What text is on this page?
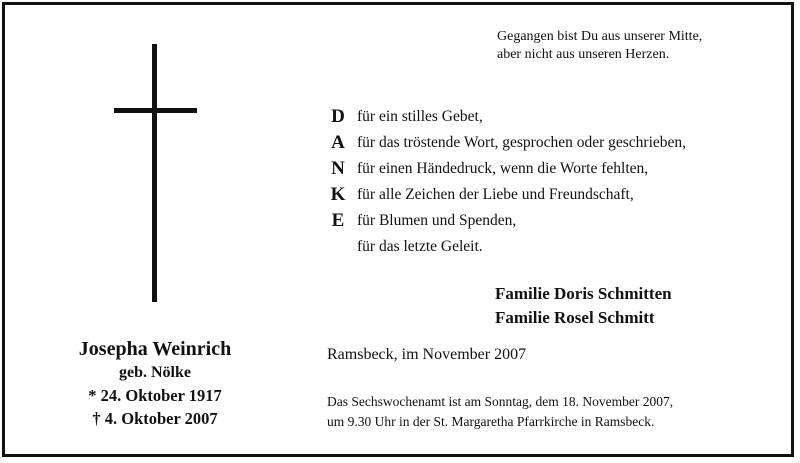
Gegangen bist Du aus unserer Mitte,
aber nicht aus unseren Herzen.
D
A
N
K
E
für ein stilles Gebet,
für das tröstende Wort, gesprochen oder geschrieben,
für einen Händedruck, wenn die Worte fehlten,
für alle Zeichen der Liebe und Freundschaft,
für Blumen und Spenden,
für das letzte Geleit.
Familie Doris Schmitten
Familie Rosel Schmitt
Josepha Weinrich
geb. Nölke
* 24. Oktober 1917
† 4. Oktober 2007
Ramsbeck, im November 2007
Das Sechswochenamt ist am Sonntag, dem 18. November 2007,
um 9.30 Uhr in der St. Margaretha Pfarrkirche in Ramsbeck.
